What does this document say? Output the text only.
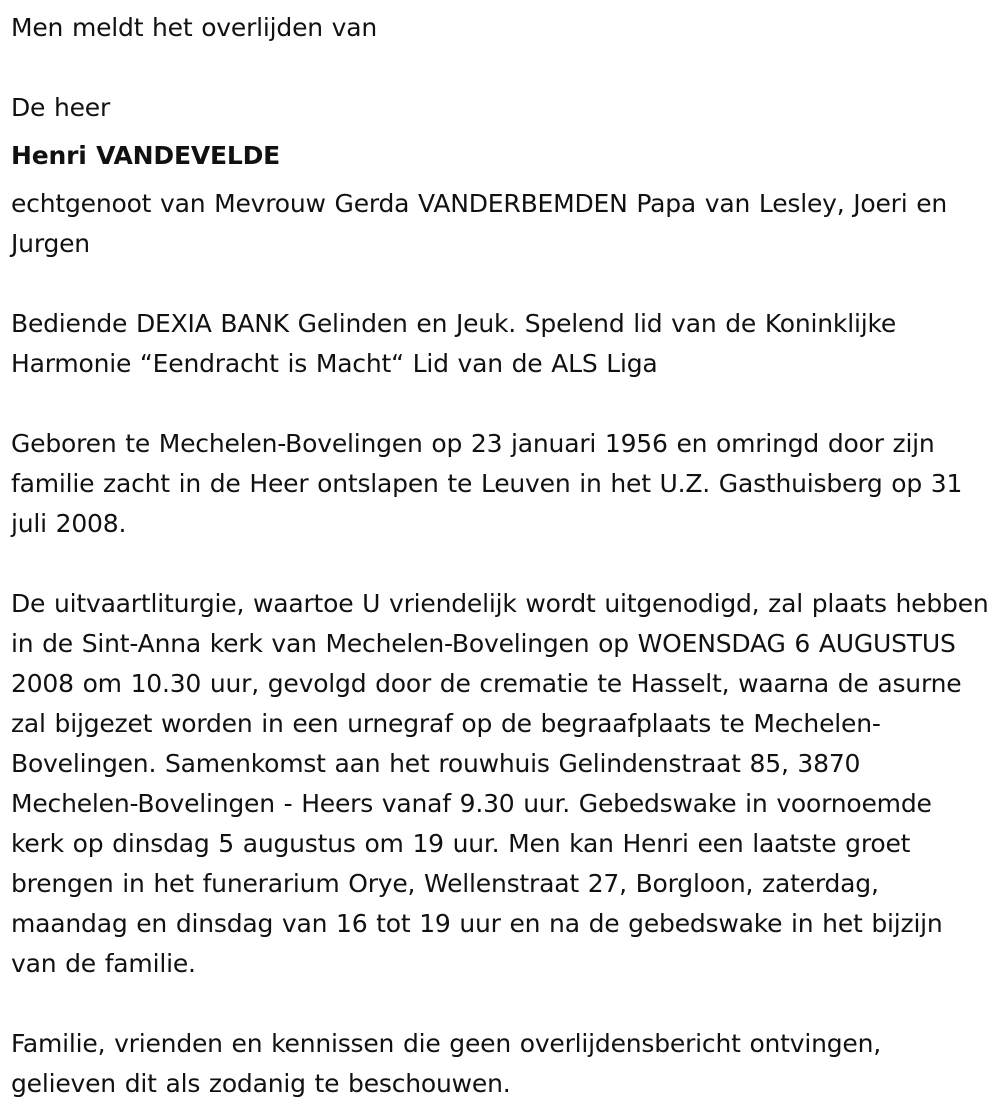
Men meldt het overlijden van

De heer

Henri VANDEVELDE

echtgenoot van Mevrouw Gerda VANDERBEMDEN Papa van Lesley, Joeri en Jurgen

Bediende DEXIA BANK Gelinden en Jeuk. Spelend lid van de Koninklijke Harmonie “Eendracht is Macht“ Lid van de ALS Liga

Geboren te Mechelen-Bovelingen op 23 januari 1956 en omringd door zijn familie zacht in de Heer ontslapen te Leuven in het U.Z. Gasthuisberg op 31 juli 2008.

De uitvaartliturgie, waartoe U vriendelijk wordt uitgenodigd, zal plaats hebben in de Sint-Anna kerk van Mechelen-Bovelingen op WOENSDAG 6 AUGUSTUS 2008 om 10.30 uur, gevolgd door de crematie te Hasselt, waarna de asurne zal bijgezet worden in een urnegraf op de begraafplaats te Mechelen-Bovelingen. Samenkomst aan het rouwhuis Gelindenstraat 85, 3870 Mechelen-Bovelingen - Heers vanaf 9.30 uur. Gebedswake in voornoemde kerk op dinsdag 5 augustus om 19 uur. Men kan Henri een laatste groet brengen in het funerarium Orye, Wellenstraat 27, Borgloon, zaterdag, maandag en dinsdag van 16 tot 19 uur en na de gebedswake in het bijzijn van de familie.

Familie, vrienden en kennissen die geen overlijdensbericht ontvingen, gelieven dit als zodanig te beschouwen.
